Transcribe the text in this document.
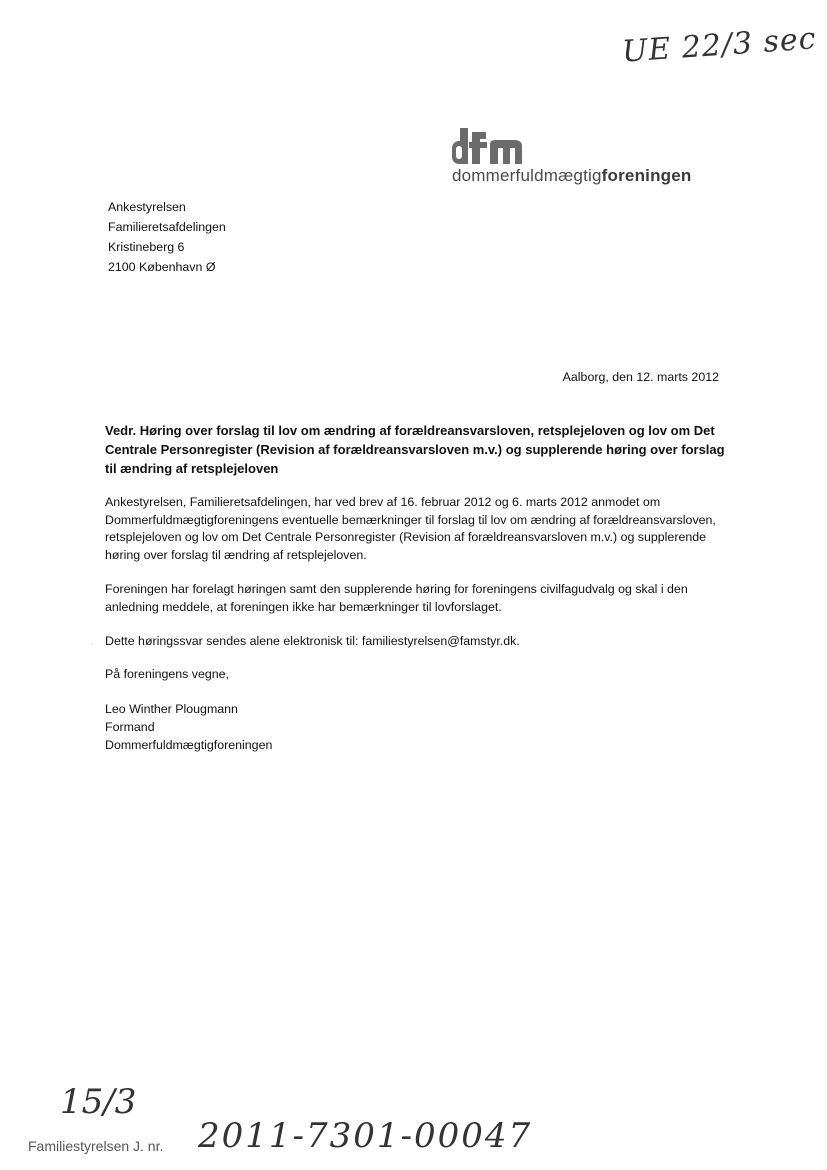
UE 22/3 sec
dommerfuldmægtigforeningen
Ankestyrelsen
Familieretsafdelingen
Kristineberg 6
2100 København Ø
Aalborg, den 12. marts 2012
Vedr. Høring over forslag til lov om ændring af forældreansvarsloven, retsplejeloven og lov om Det Centrale Personregister (Revision af forældreansvarsloven m.v.) og supplerende høring over forslag til ændring af retsplejeloven
Ankestyrelsen, Familieretsafdelingen, har ved brev af 16. februar 2012 og 6. marts 2012 anmodet om Dommerfuldmægtigforeningens eventuelle bemærkninger til forslag til lov om ændring af forældreansvarsloven, retsplejeloven og lov om Det Centrale Personregister (Revision af forældreansvarsloven m.v.) og supplerende høring over forslag til ændring af retsplejeloven.
Foreningen har forelagt høringen samt den supplerende høring for foreningens civilfagudvalg og skal i den anledning meddele, at foreningen ikke har bemærkninger til lovforslaget.
· Dette høringssvar sendes alene elektronisk til: familiestyrelsen@famstyr.dk.
På foreningens vegne,
Leo Winther Plougmann
Formand
Dommerfuldmægtigforeningen
15/3
Familiestyrelsen J. nr. 2011-7301-00047
